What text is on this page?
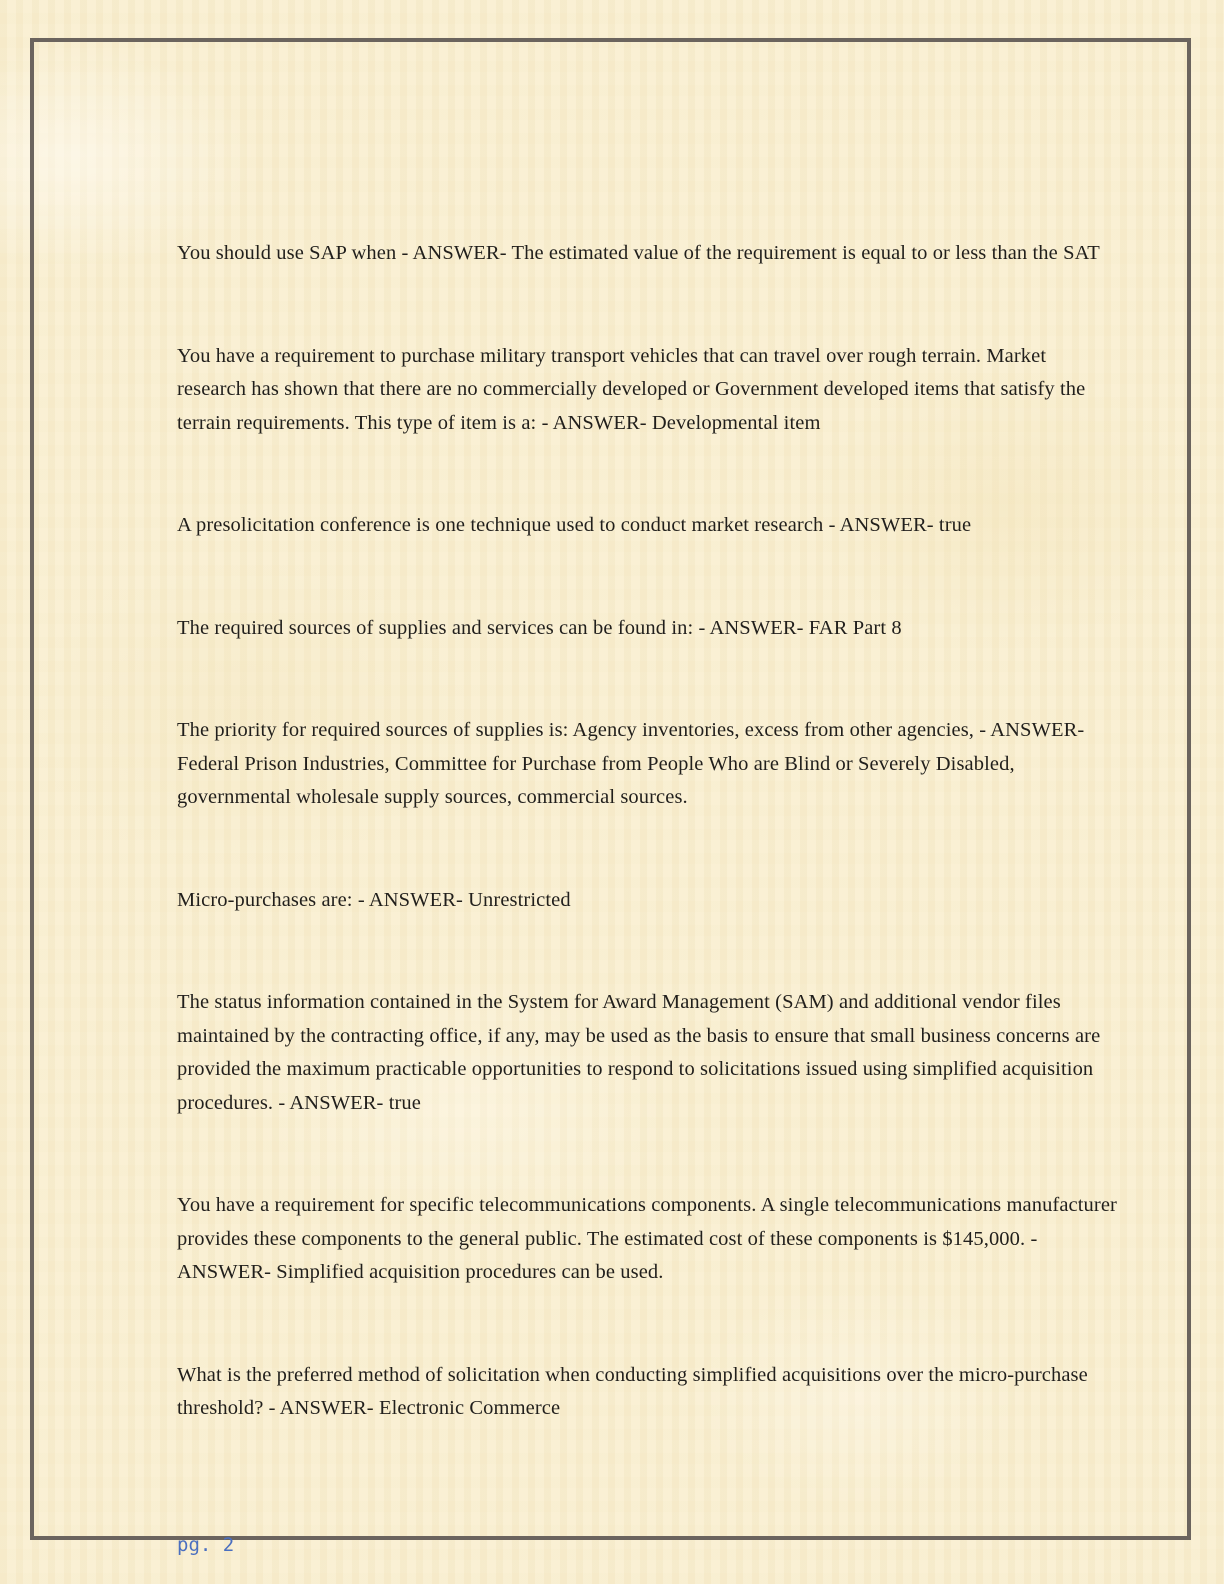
You should use SAP when - ANSWER- The estimated value of the requirement is equal to or less than the SAT

You have a requirement to purchase military transport vehicles that can travel over rough terrain. Market research has shown that there are no commercially developed or Government developed items that satisfy the terrain requirements. This type of item is a: - ANSWER- Developmental item

A presolicitation conference is one technique used to conduct market research - ANSWER- true

The required sources of supplies and services can be found in: - ANSWER- FAR Part 8

The priority for required sources of supplies is: Agency inventories, excess from other agencies, - ANSWER- Federal Prison Industries, Committee for Purchase from People Who are Blind or Severely Disabled, governmental wholesale supply sources, commercial sources.

Micro-purchases are: - ANSWER- Unrestricted

The status information contained in the System for Award Management (SAM) and additional vendor files maintained by the contracting office, if any, may be used as the basis to ensure that small business concerns are provided the maximum practicable opportunities to respond to solicitations issued using simplified acquisition procedures. - ANSWER- true

You have a requirement for specific telecommunications components. A single telecommunications manufacturer provides these components to the general public. The estimated cost of these components is $145,000. - ANSWER- Simplified acquisition procedures can be used.

What is the preferred method of solicitation when conducting simplified acquisitions over the micro-purchase threshold? - ANSWER- Electronic Commerce

pg. 2
